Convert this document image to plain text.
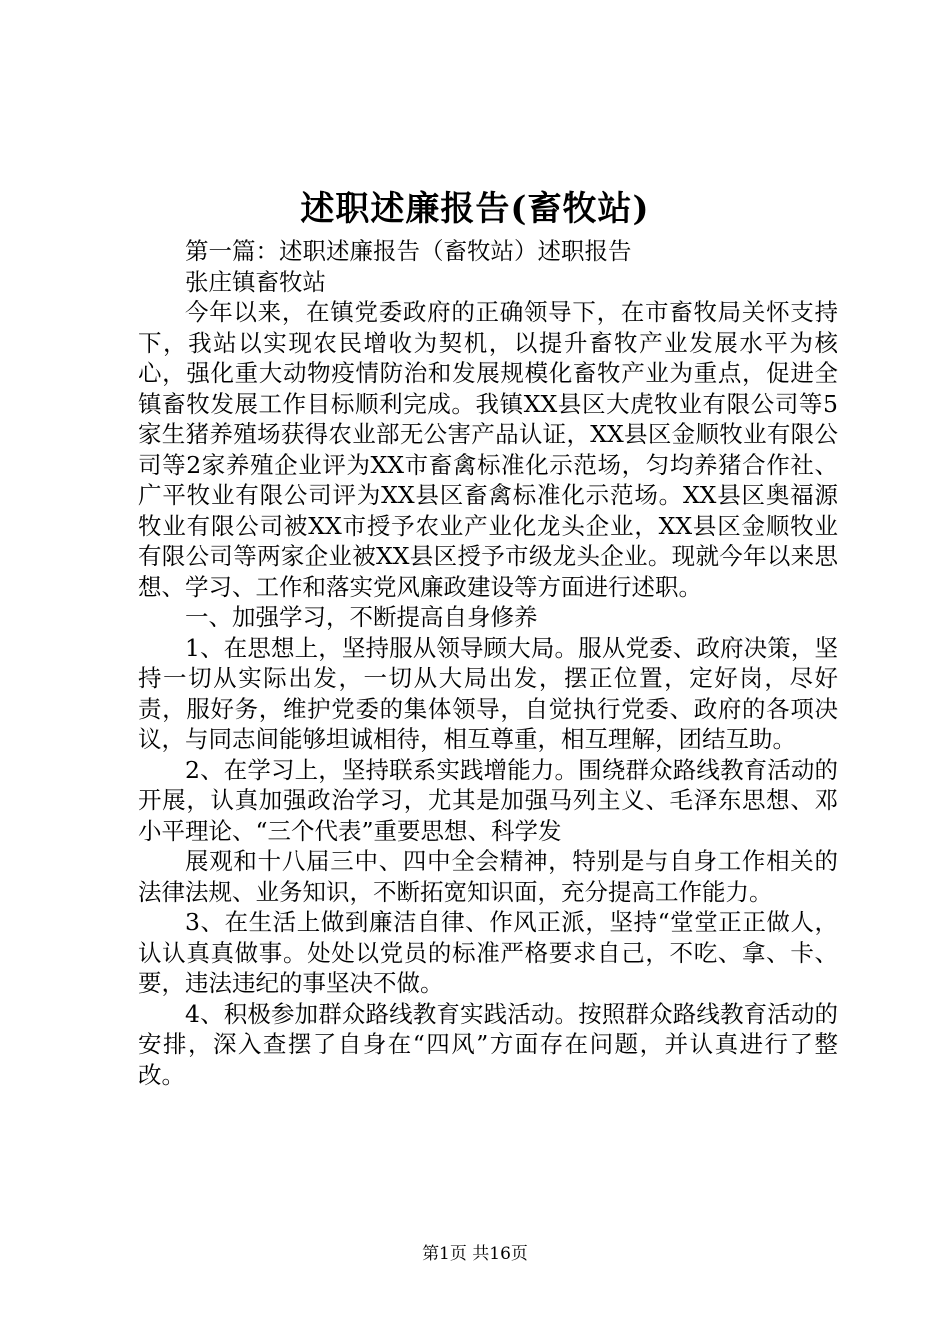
述职述廉报告(畜牧站)

第一篇：述职述廉报告（畜牧站）述职报告

张庄镇畜牧站

今年以来，在镇党委政府的正确领导下，在市畜牧局关怀支持下，我站以实现农民增收为契机，以提升畜牧产业发展水平为核心，强化重大动物疫情防治和发展规模化畜牧产业为重点，促进全镇畜牧发展工作目标顺利完成。我镇XX县区大虎牧业有限公司等5家生猪养殖场获得农业部无公害产品认证，XX县区金顺牧业有限公司等2家养殖企业评为XX市畜禽标准化示范场，匀均养猪合作社、广平牧业有限公司评为XX县区畜禽标准化示范场。XX县区奥福源牧业有限公司被XX市授予农业产业化龙头企业，XX县区金顺牧业有限公司等两家企业被XX县区授予市级龙头企业。现就今年以来思想、学习、工作和落实党风廉政建设等方面进行述职。

一、加强学习，不断提高自身修养

1、在思想上，坚持服从领导顾大局。服从党委、政府决策，坚持一切从实际出发，一切从大局出发，摆正位置，定好岗，尽好责，服好务，维护党委的集体领导，自觉执行党委、政府的各项决议，与同志间能够坦诚相待，相互尊重，相互理解，团结互助。

2、在学习上，坚持联系实践增能力。围绕群众路线教育活动的开展，认真加强政治学习，尤其是加强马列主义、毛泽东思想、邓小平理论、“三个代表”重要思想、科学发

展观和十八届三中、四中全会精神，特别是与自身工作相关的法律法规、业务知识，不断拓宽知识面，充分提高工作能力。

3、在生活上做到廉洁自律、作风正派，坚持“堂堂正正做人，认认真真做事。处处以党员的标准严格要求自己，不吃、拿、卡、要，违法违纪的事坚决不做。

4、积极参加群众路线教育实践活动。按照群众路线教育活动的安排，深入查摆了自身在“四风”方面存在问题，并认真进行了整改。

第1页 共16页
